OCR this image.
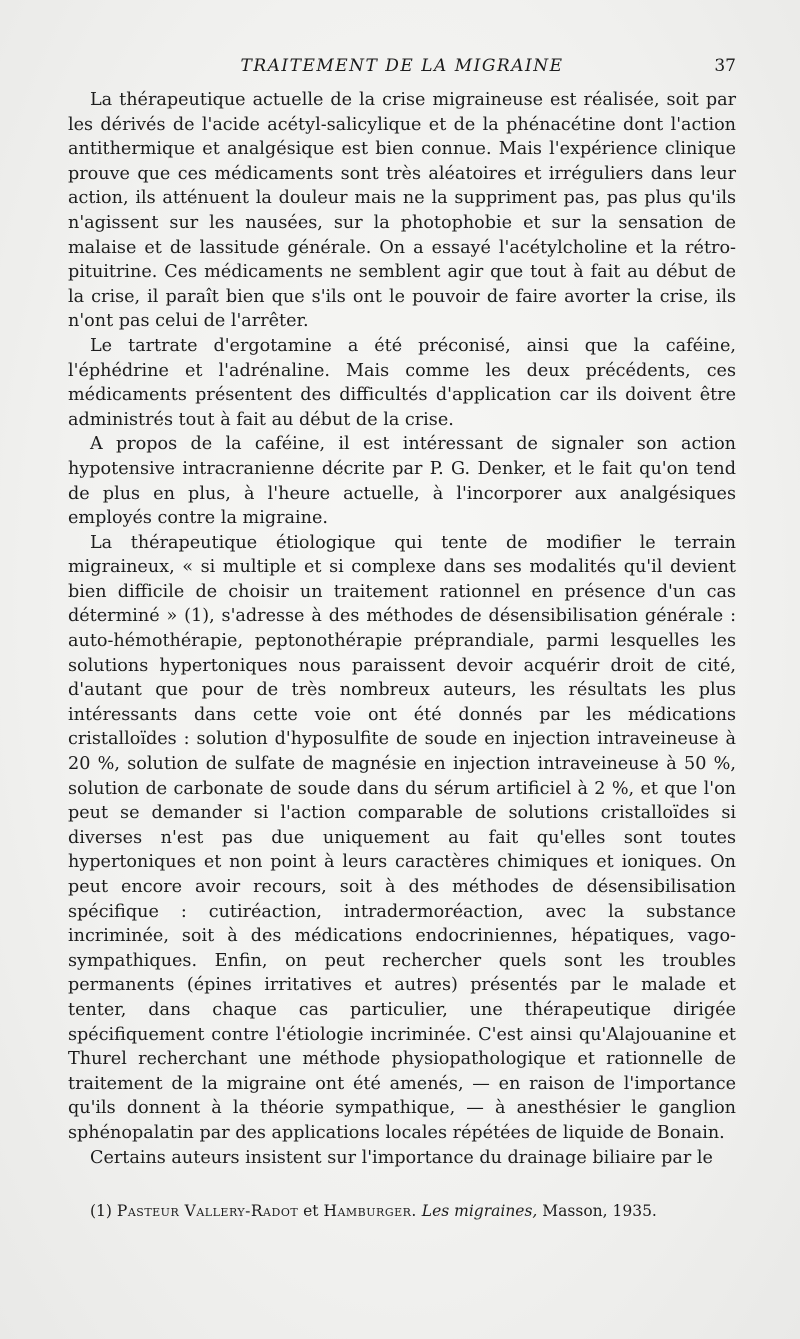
TRAITEMENT DE LA MIGRAINE	37

La thérapeutique actuelle de la crise migraineuse est réalisée, soit par les dérivés de l'acide acétyl-salicylique et de la phénacétine dont l'action antithermique et analgésique est bien connue. Mais l'expérience clinique prouve que ces médicaments sont très aléatoires et irréguliers dans leur action, ils atténuent la douleur mais ne la suppriment pas, pas plus qu'ils n'agissent sur les nausées, sur la photophobie et sur la sensation de malaise et de lassitude générale. On a essayé l'acétylcholine et la rétro-pituitrine. Ces médicaments ne semblent agir que tout à fait au début de la crise, il paraît bien que s'ils ont le pouvoir de faire avorter la crise, ils n'ont pas celui de l'arrêter.

Le tartrate d'ergotamine a été préconisé, ainsi que la caféine, l'éphédrine et l'adrénaline. Mais comme les deux précédents, ces médicaments présentent des difficultés d'application car ils doivent être administrés tout à fait au début de la crise.

A propos de la caféine, il est intéressant de signaler son action hypotensive intracranienne décrite par P. G. Denker, et le fait qu'on tend de plus en plus, à l'heure actuelle, à l'incorporer aux analgésiques employés contre la migraine.

La thérapeutique étiologique qui tente de modifier le terrain migraineux, « si multiple et si complexe dans ses modalités qu'il devient bien difficile de choisir un traitement rationnel en présence d'un cas déterminé » (1), s'adresse à des méthodes de désensibilisation générale : auto-hémothérapie, peptonothérapie préprandiale, parmi lesquelles les solutions hypertoniques nous paraissent devoir acquérir droit de cité, d'autant que pour de très nombreux auteurs, les résultats les plus intéressants dans cette voie ont été donnés par les médications cristalloïdes : solution d'hyposulfite de soude en injection intraveineuse à 20 %, solution de sulfate de magnésie en injection intraveineuse à 50 %, solution de carbonate de soude dans du sérum artificiel à 2 %, et que l'on peut se demander si l'action comparable de solutions cristalloïdes si diverses n'est pas due uniquement au fait qu'elles sont toutes hypertoniques et non point à leurs caractères chimiques et ioniques. On peut encore avoir recours, soit à des méthodes de désensibilisation spécifique : cutiréaction, intradermoréaction, avec la substance incriminée, soit à des médications endocriniennes, hépatiques, vago-sympathiques. Enfin, on peut rechercher quels sont les troubles permanents (épines irritatives et autres) présentés par le malade et tenter, dans chaque cas particulier, une thérapeutique dirigée spécifiquement contre l'étiologie incriminée. C'est ainsi qu'Alajouanine et Thurel recherchant une méthode physiopathologique et rationnelle de traitement de la migraine ont été amenés, — en raison de l'importance qu'ils donnent à la théorie sympathique, — à anesthésier le ganglion sphénopalatin par des applications locales répétées de liquide de Bonain.

Certains auteurs insistent sur l'importance du drainage biliaire par le

(1) Pasteur Vallery-Radot et Hamburger. Les migraines, Masson, 1935.
